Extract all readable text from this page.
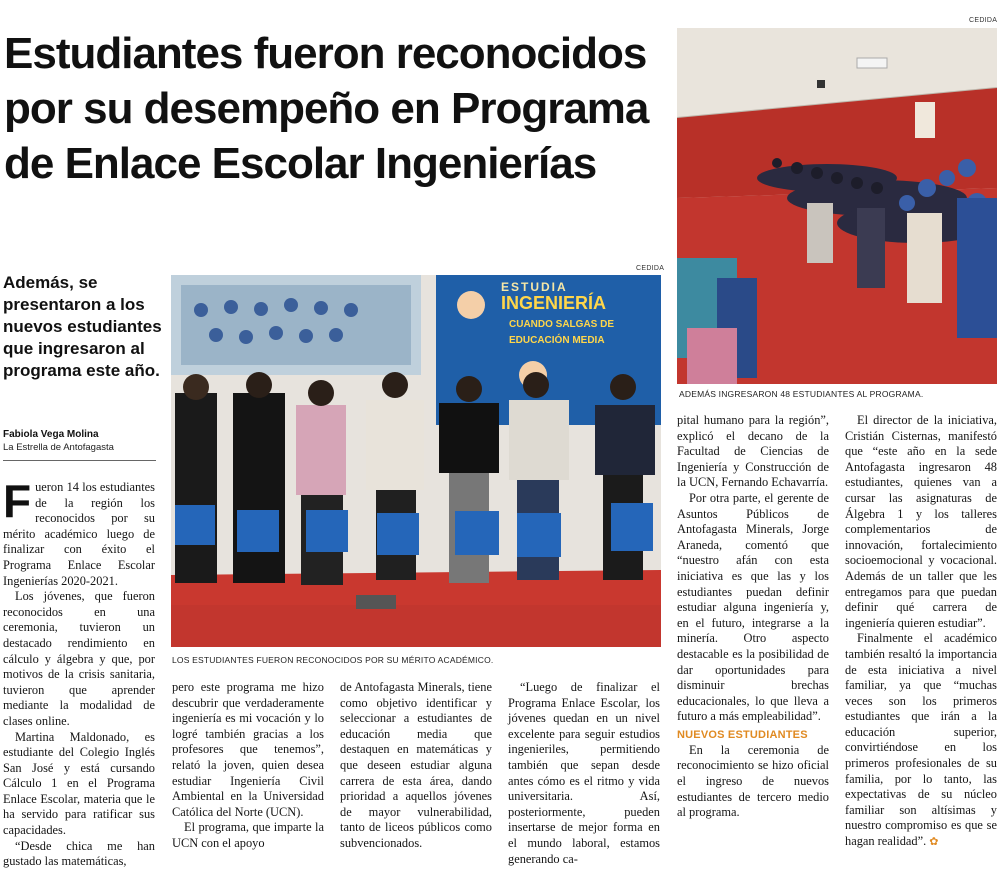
Estudiantes fueron reconocidos por su desempeño en Programa de Enlace Escolar Ingenierías
CEDIDA
ADEMÁS INGRESARON 48 ESTUDIANTES AL PROGRAMA.
CEDIDA
ESTUDIA
INGENIERÍA
CUANDO SALGAS DE
EDUCACIÓN MEDIA
LOS ESTUDIANTES FUERON RECONOCIDOS POR SU MÉRITO ACADÉMICO.

Además, se presentaron a los nuevos estudiantes que ingresaron al programa este año.

Fabiola Vega Molina
La Estrella de Antofagasta

Fueron 14 los estudiantes de la región los reconocidos por su mérito académico luego de finalizar con éxito el Programa Enlace Escolar Ingenierías 2020-2021.

Los jóvenes, que fueron reconocidos en una ceremonia, tuvieron un destacado rendimiento en cálculo y álgebra y que, por motivos de la crisis sanitaria, tuvieron que aprender mediante la modalidad de clases online.

Martina Maldonado, es estudiante del Colegio Inglés San José y está cursando Cálculo 1 en el Programa Enlace Escolar, materia que le ha servido para ratificar sus capacidades.

“Desde chica me han gustado las matemáticas,

pero este programa me hizo descubrir que verdaderamente ingeniería es mi vocación y lo logré también gracias a los profesores que tenemos”, relató la joven, quien desea estudiar Ingeniería Civil Ambiental en la Universidad Católica del Norte (UCN).

El programa, que imparte la UCN con el apoyo

de Antofagasta Minerals, tiene como objetivo identificar y seleccionar a estudiantes de educación media que destaquen en matemáticas y que deseen estudiar alguna carrera de esta área, dando prioridad a aquellos jóvenes de mayor vulnerabilidad, tanto de liceos públicos como subvencionados.

“Luego de finalizar el Programa Enlace Escolar, los jóvenes quedan en un nivel excelente para seguir estudios ingenieriles, permitiendo también que sepan desde antes cómo es el ritmo y vida universitaria. Así, posteriormente, pueden insertarse de mejor forma en el mundo laboral, estamos generando ca-

pital humano para la región”, explicó el decano de la Facultad de Ciencias de Ingeniería y Construcción de la UCN, Fernando Echavarría.

Por otra parte, el gerente de Asuntos Públicos de Antofagasta Minerals, Jorge Araneda, comentó que “nuestro afán con esta iniciativa es que las y los estudiantes puedan definir estudiar alguna ingeniería y, en el futuro, integrarse a la minería. Otro aspecto destacable es la posibilidad de dar oportunidades para disminuir brechas educacionales, lo que lleva a futuro a más empleabilidad”.

NUEVOS ESTUDIANTES

En la ceremonia de reconocimiento se hizo oficial el ingreso de nuevos estudiantes de tercero medio al programa.

El director de la iniciativa, Cristián Cisternas, manifestó que “este año en la sede Antofagasta ingresaron 48 estudiantes, quienes van a cursar las asignaturas de Álgebra 1 y los talleres complementarios de innovación, fortalecimiento socioemocional y vocacional. Además de un taller que les entregamos para que puedan definir qué carrera de ingeniería quieren estudiar”.

Finalmente el académico también resaltó la importancia de esta iniciativa a nivel familiar, ya que “muchas veces son los primeros estudiantes que irán a la educación superior, convirtiéndose en los primeros profesionales de su familia, por lo tanto, las expectativas de su núcleo familiar son altísimas y nuestro compromiso es que se hagan realidad”. ✿
